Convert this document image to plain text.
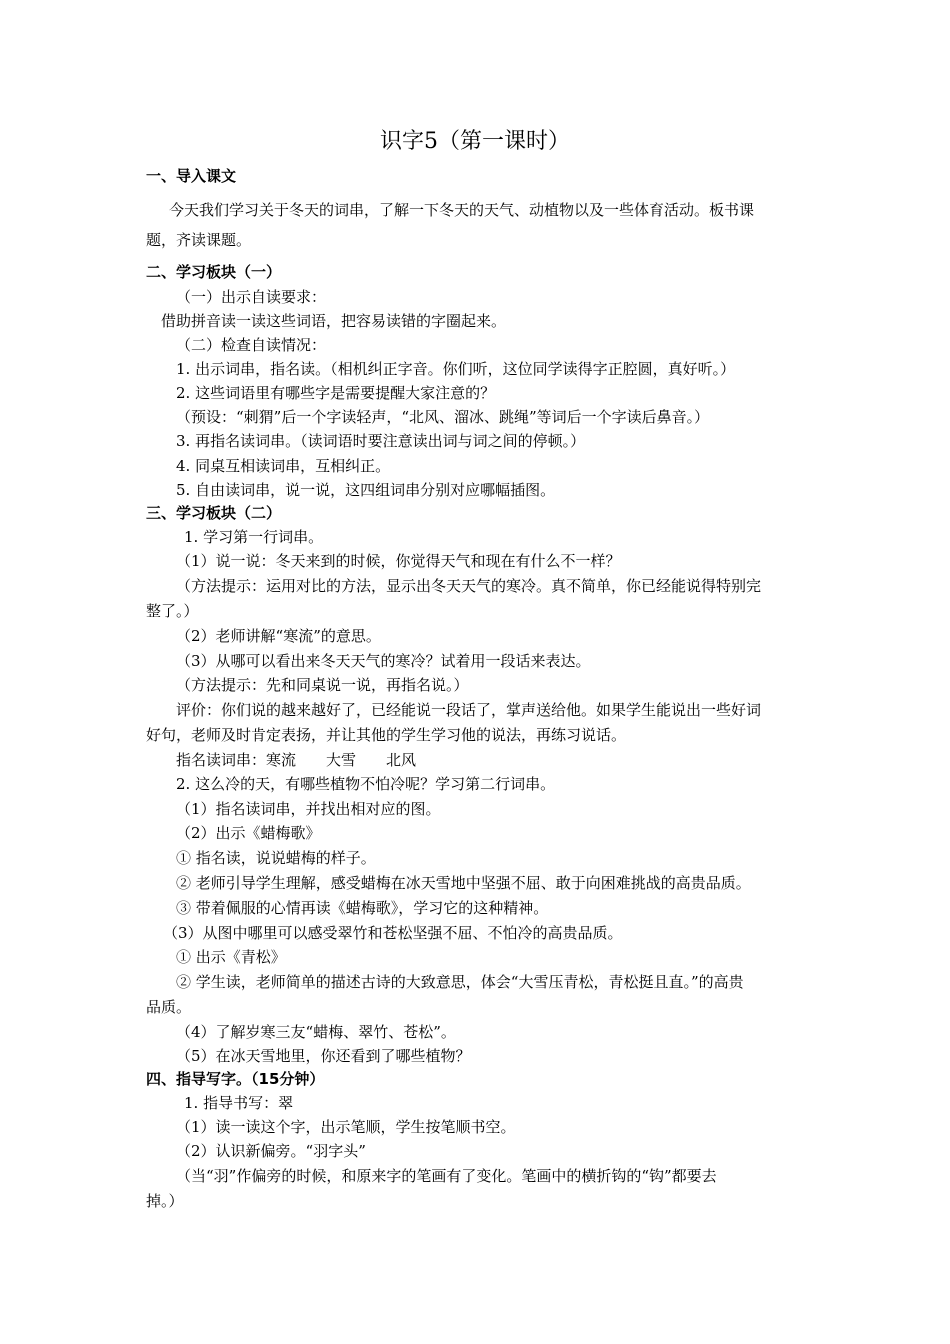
识字5（第一课时）
一、导入课文
今天我们学习关于冬天的词串，了解一下冬天的天气、动植物以及一些体育活动。板书课
题，齐读课题。
二、学习板块（一）
（一）出示自读要求：
借助拼音读一读这些词语，把容易读错的字圈起来。
（二）检查自读情况：
1. 出示词串，指名读。（相机纠正字音。你们听，这位同学读得字正腔圆，真好听。）
2. 这些词语里有哪些字是需要提醒大家注意的？
（预设：“刺猬”后一个字读轻声，“北风、溜冰、跳绳”等词后一个字读后鼻音。）
3. 再指名读词串。（读词语时要注意读出词与词之间的停顿。）
4. 同桌互相读词串，互相纠正。
5. 自由读词串，说一说，这四组词串分别对应哪幅插图。
三、学习板块（二）
1. 学习第一行词串。
（1）说一说：冬天来到的时候，你觉得天气和现在有什么不一样？
（方法提示：运用对比的方法，显示出冬天天气的寒冷。真不简单，你已经能说得特别完
整了。）
（2）老师讲解“寒流”的意思。
（3）从哪可以看出来冬天天气的寒冷？试着用一段话来表达。
（方法提示：先和同桌说一说，再指名说。）
评价：你们说的越来越好了，已经能说一段话了，掌声送给他。如果学生能说出一些好词
好句，老师及时肯定表扬，并让其他的学生学习他的说法，再练习说话。
指名读词串：寒流　　大雪　　北风
2. 这么冷的天，有哪些植物不怕冷呢？学习第二行词串。
（1）指名读词串，并找出相对应的图。
（2）出示《蜡梅歌》
① 指名读，说说蜡梅的样子。
② 老师引导学生理解，感受蜡梅在冰天雪地中坚强不屈、敢于向困难挑战的高贵品质。
③ 带着佩服的心情再读《蜡梅歌》，学习它的这种精神。
（3）从图中哪里可以感受翠竹和苍松坚强不屈、不怕冷的高贵品质。
① 出示《青松》
② 学生读，老师简单的描述古诗的大致意思，体会“大雪压青松，青松挺且直。”的高贵
品质。
（4）了解岁寒三友“蜡梅、翠竹、苍松”。
（5）在冰天雪地里，你还看到了哪些植物？
四、指导写字。（15分钟）
1. 指导书写：翠
（1）读一读这个字，出示笔顺，学生按笔顺书空。
（2）认识新偏旁。“羽字头”
（当“羽”作偏旁的时候，和原来字的笔画有了变化。笔画中的横折钩的“钩”都要去
掉。）
